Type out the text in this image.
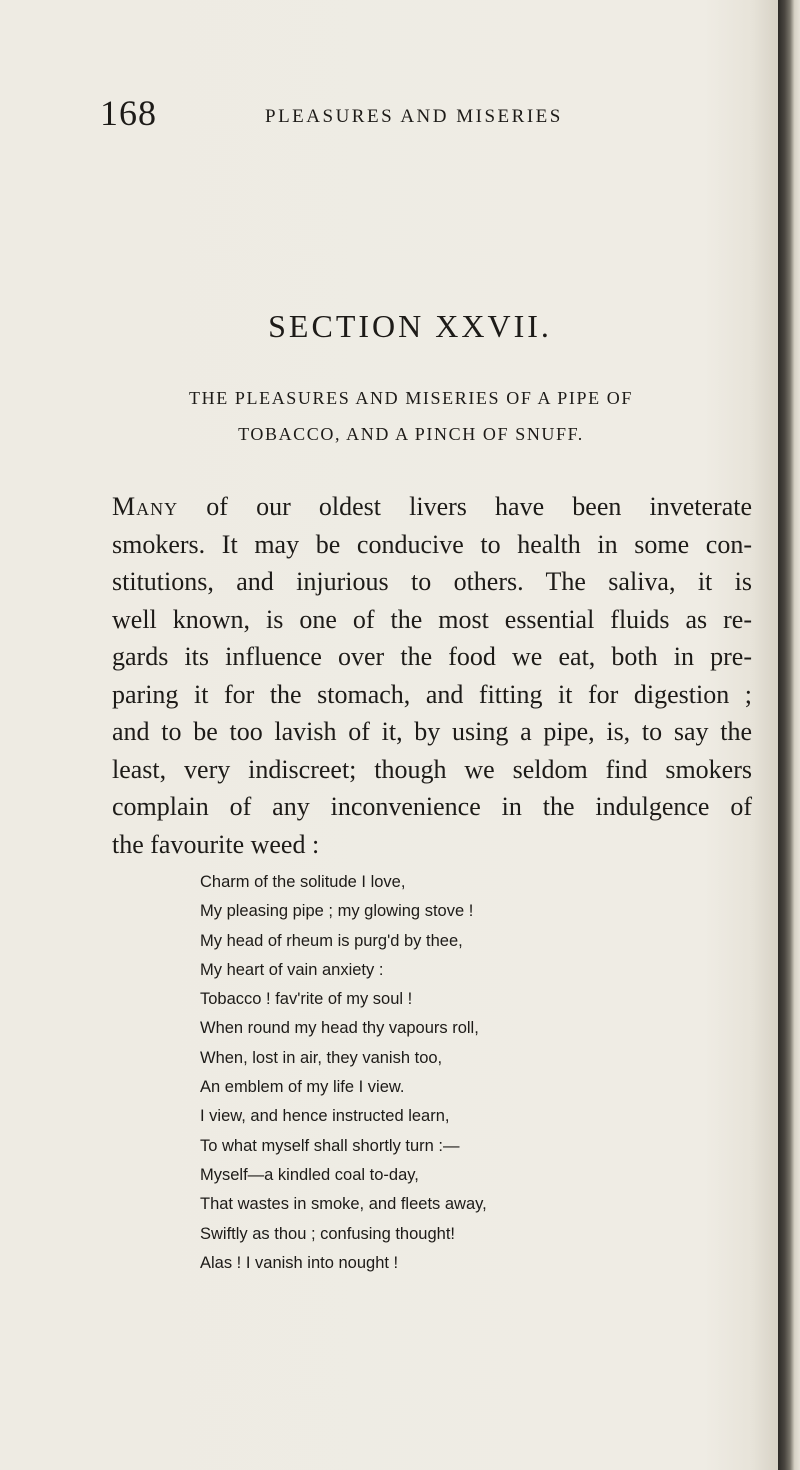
168	PLEASURES AND MISERIES
SECTION XXVII.
THE PLEASURES AND MISERIES OF A PIPE OF
TOBACCO, AND A PINCH OF SNUFF.
Many of our oldest livers have been inveterate
smokers. It may be conducive to health in some con-
stitutions, and injurious to others. The saliva, it is
well known, is one of the most essential fluids as re-
gards its influence over the food we eat, both in pre-
paring it for the stomach, and fitting it for digestion ;
and to be too lavish of it, by using a pipe, is, to say the
least, very indiscreet; though we seldom find smokers
complain of any inconvenience in the indulgence of
the favourite weed :
Charm of the solitude I love,
My pleasing pipe ; my glowing stove !
My head of rheum is purg'd by thee,
My heart of vain anxiety :
Tobacco ! fav'rite of my soul !
When round my head thy vapours roll,
When, lost in air, they vanish too,
An emblem of my life I view.
I view, and hence instructed learn,
To what myself shall shortly turn :—
Myself—a kindled coal to-day,
That wastes in smoke, and fleets away,
Swiftly as thou ; confusing thought!
Alas ! I vanish into nought !
